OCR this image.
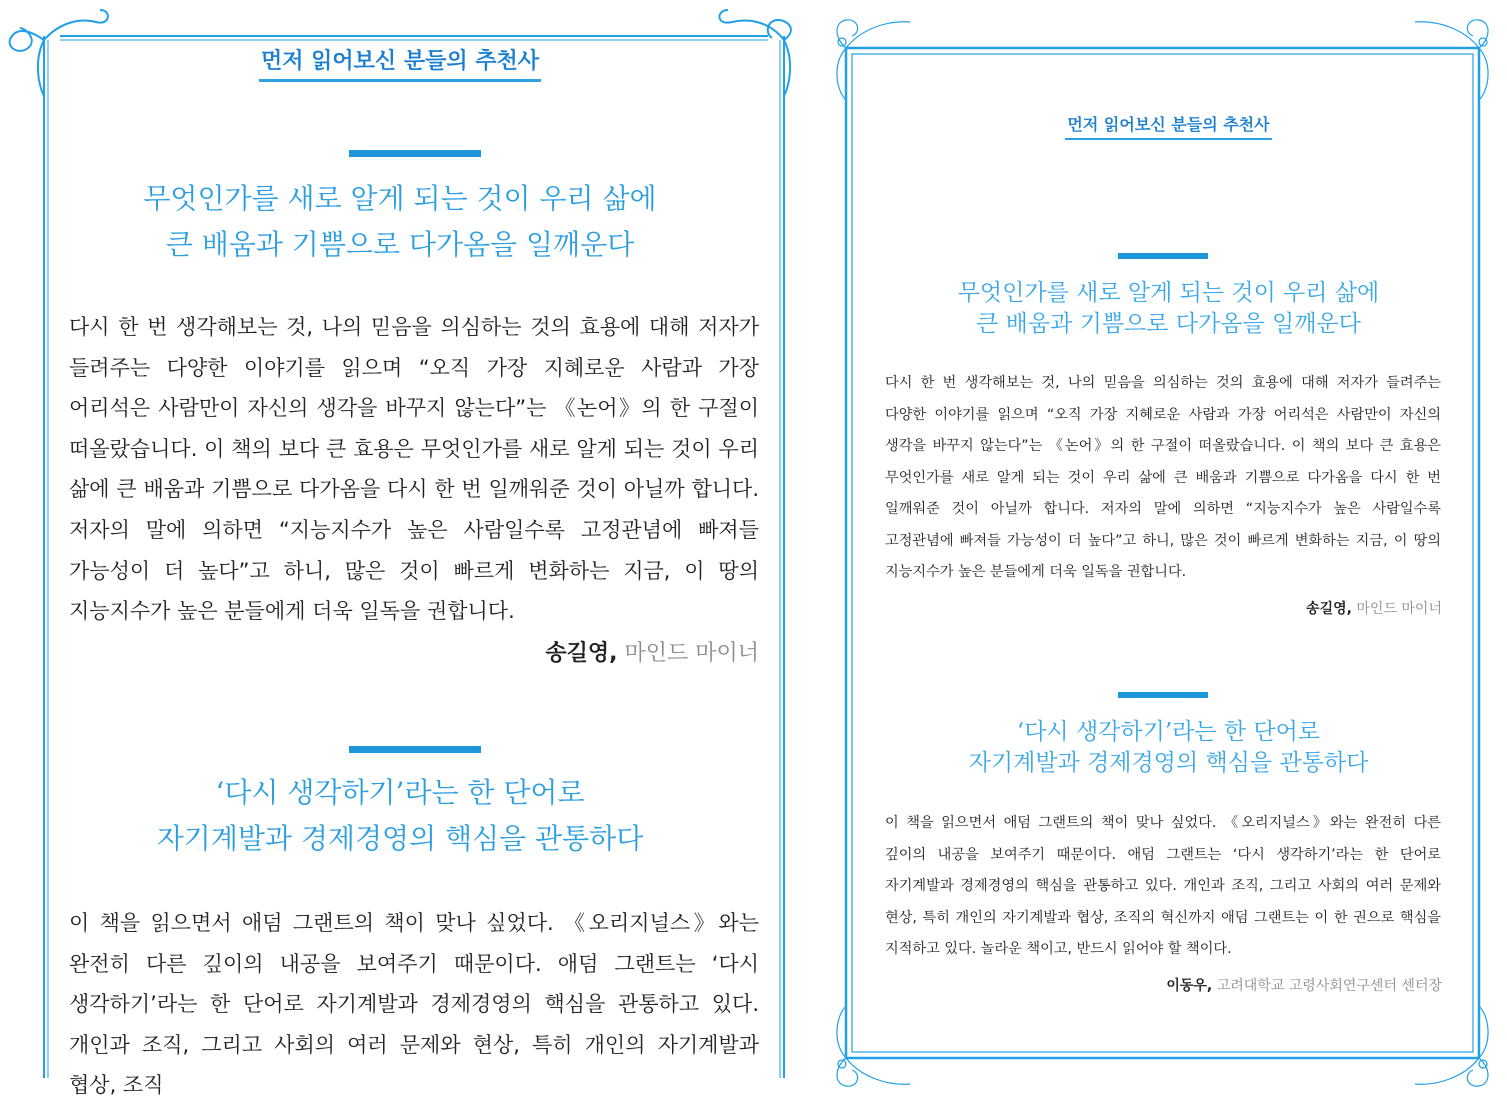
먼저 읽어보신 분들의 추천사
무엇인가를 새로 알게 되는 것이 우리 삶에
큰 배움과 기쁨으로 다가옴을 일깨운다
다시 한 번 생각해보는 것, 나의 믿음을 의심하는 것의 효용에 대해 저자가 들려주는 다양한 이야기를 읽으며 “오직 가장 지혜로운 사람과 가장 어리석은 사람만이 자신의 생각을 바꾸지 않는다”는 《논어》의 한 구절이 떠올랐습니다. 이 책의 보다 큰 효용은 무엇인가를 새로 알게 되는 것이 우리 삶에 큰 배움과 기쁨으로 다가옴을 다시 한 번 일깨워준 것이 아닐까 합니다. 저자의 말에 의하면 “지능지수가 높은 사람일수록 고정관념에 빠져들 가능성이 더 높다”고 하니, 많은 것이 빠르게 변화하는 지금, 이 땅의 지능지수가 높은 분들에게 더욱 일독을 권합니다.
송길영, 마인드 마이너
‘다시 생각하기’라는 한 단어로
자기계발과 경제경영의 핵심을 관통하다
이 책을 읽으면서 애덤 그랜트의 책이 맞나 싶었다. 《오리지널스》와는 완전히 다른 깊이의 내공을 보여주기 때문이다. 애덤 그랜트는 ‘다시 생각하기’라는 한 단어로 자기계발과 경제경영의 핵심을 관통하고 있다. 개인과 조직, 그리고 사회의 여러 문제와 현상, 특히 개인의 자기계발과 협상, 조직
먼저 읽어보신 분들의 추천사
무엇인가를 새로 알게 되는 것이 우리 삶에
큰 배움과 기쁨으로 다가옴을 일깨운다
다시 한 번 생각해보는 것, 나의 믿음을 의심하는 것의 효용에 대해 저자가 들려주는 다양한 이야기를 읽으며 “오직 가장 지혜로운 사람과 가장 어리석은 사람만이 자신의 생각을 바꾸지 않는다”는 《논어》의 한 구절이 떠올랐습니다. 이 책의 보다 큰 효용은 무엇인가를 새로 알게 되는 것이 우리 삶에 큰 배움과 기쁨으로 다가옴을 다시 한 번 일깨워준 것이 아닐까 합니다. 저자의 말에 의하면 “지능지수가 높은 사람일수록 고정관념에 빠져들 가능성이 더 높다”고 하니, 많은 것이 빠르게 변화하는 지금, 이 땅의 지능지수가 높은 분들에게 더욱 일독을 권합니다.
송길영, 마인드 마이너
‘다시 생각하기’라는 한 단어로
자기계발과 경제경영의 핵심을 관통하다
이 책을 읽으면서 애덤 그랜트의 책이 맞나 싶었다. 《오리지널스》와는 완전히 다른 깊이의 내공을 보여주기 때문이다. 애덤 그랜트는 ‘다시 생각하기’라는 한 단어로 자기계발과 경제경영의 핵심을 관통하고 있다. 개인과 조직, 그리고 사회의 여러 문제와 현상, 특히 개인의 자기계발과 협상, 조직의 혁신까지 애덤 그랜트는 이 한 권으로 핵심을 지적하고 있다. 놀라운 책이고, 반드시 읽어야 할 책이다.
이동우, 고려대학교 고령사회연구센터 센터장
